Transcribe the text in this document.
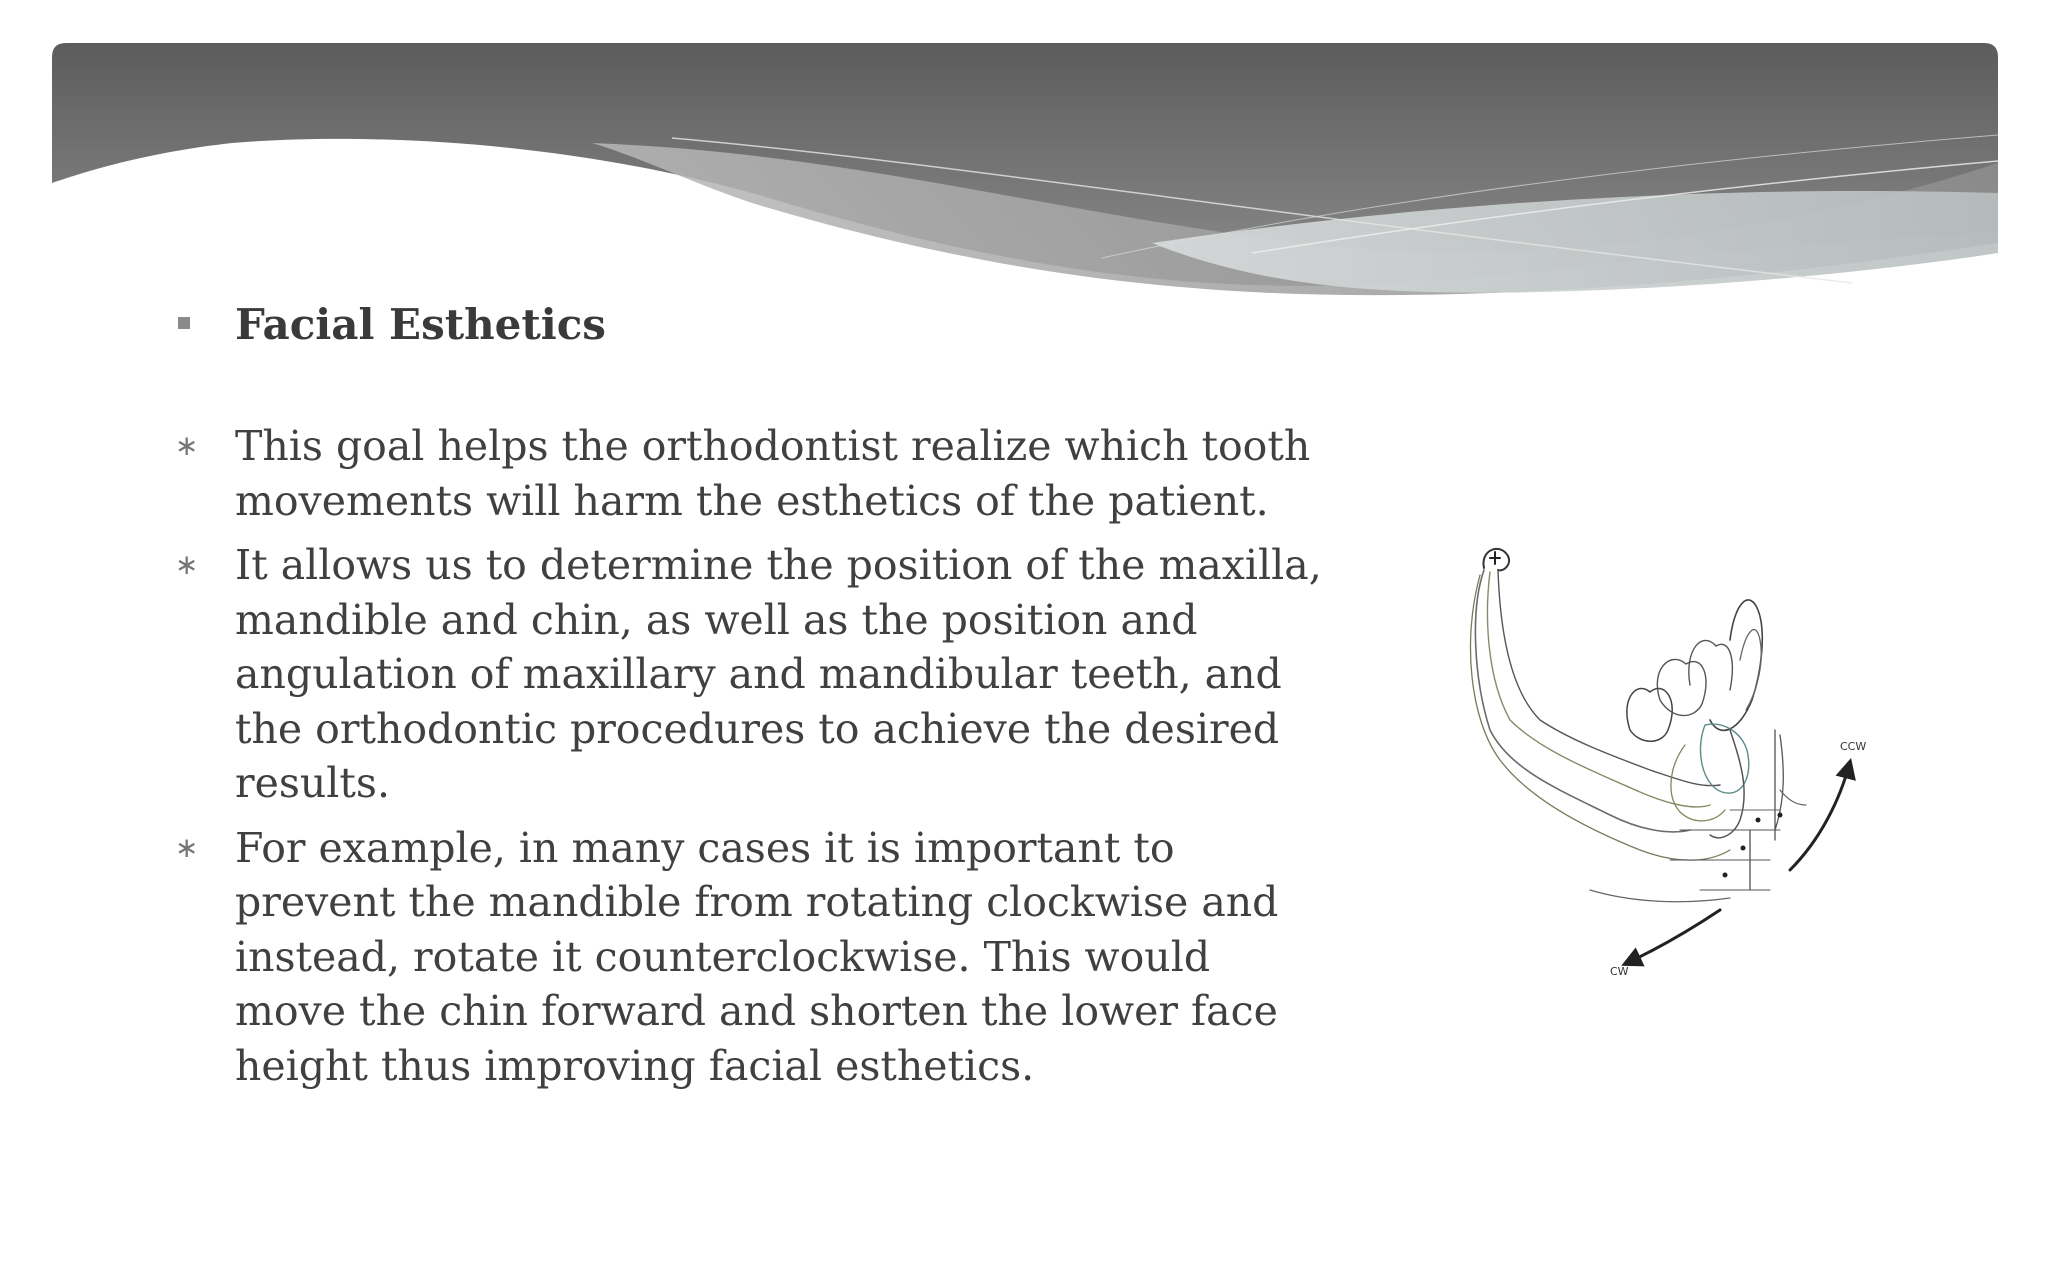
Facial Esthetics
∗ This goal helps the orthodontist realize which tooth movements will harm the esthetics of the patient.
∗ It allows us to determine the position of the maxilla, mandible and chin, as well as the position and angulation of maxillary and mandibular teeth, and the orthodontic procedures to achieve the desired results.
∗ For example, in many cases it is important to prevent the mandible from rotating clockwise and instead, rotate it counterclockwise. This would move the chin forward and shorten the lower face height thus improving facial esthetics.
CCW
CW
